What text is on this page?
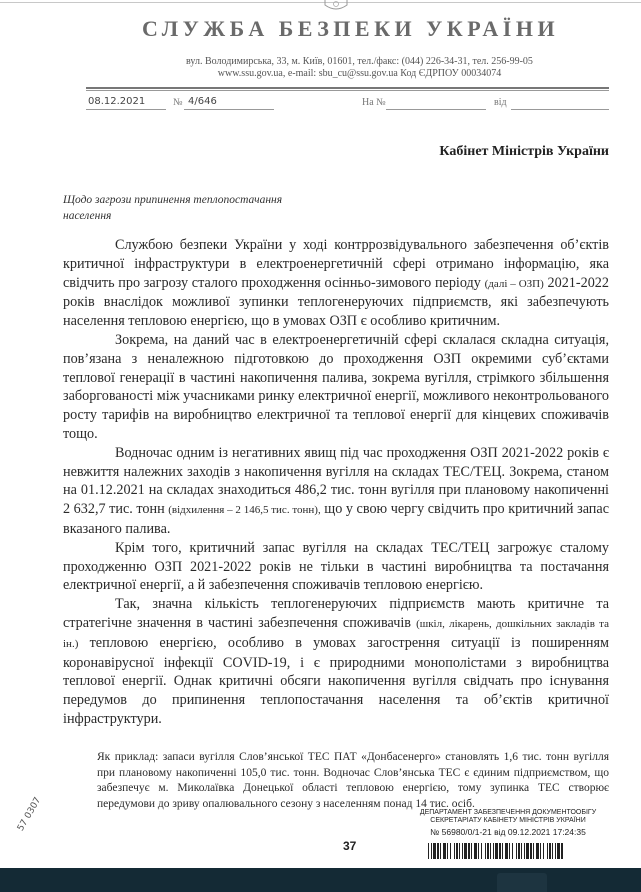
СЛУЖБА БЕЗПЕКИ УКРАЇНИ
вул. Володимирська, 33, м. Київ, 01601, тел./факс: (044) 226-34-31, тел. 256-99-05
www.ssu.gov.ua, e-mail: sbu_cu@ssu.gov.ua Код ЄДРПОУ 00034074
08.12.2021	№ 4/646	На №	від
Кабінет Міністрів України
Щодо загрози припинення теплопостачання
населення

Службою безпеки України у ході контррозвідувального забезпечення об’єктів критичної інфраструктури в електроенергетичній сфері отримано інформацію, яка свідчить про загрозу сталого проходження осінньо-зимового періоду (далі – ОЗП) 2021-2022 років внаслідок можливої зупинки теплогенеруючих підприємств, які забезпечують населення тепловою енергією, що в умовах ОЗП є особливо критичним.

Зокрема, на даний час в електроенергетичній сфері склалася складна ситуація, пов’язана з неналежною підготовкою до проходження ОЗП окремими суб’єктами теплової генерації в частині накопичення палива, зокрема вугілля, стрімкого збільшення заборгованості між учасниками ринку електричної енергії, можливого неконтрольованого росту тарифів на виробництво електричної та теплової енергії для кінцевих споживачів тощо.

Водночас одним із негативних явищ під час проходження ОЗП 2021-2022 років є невжиття належних заходів з накопичення вугілля на складах ТЕС/ТЕЦ. Зокрема, станом на 01.12.2021 на складах знаходиться 486,2 тис. тонн вугілля при плановому накопиченні 2 632,7 тис. тонн (відхилення – 2 146,5 тис. тонн), що у свою чергу свідчить про критичний запас вказаного палива.

Крім того, критичний запас вугілля на складах ТЕС/ТЕЦ загрожує сталому проходженню ОЗП 2021-2022 років не тільки в частині виробництва та постачання електричної енергії, а й забезпечення споживачів тепловою енергією.

Так, значна кількість теплогенеруючих підприємств мають критичне та стратегічне значення в частині забезпечення споживачів (шкіл, лікарень, дошкільних закладів та ін.) тепловою енергією, особливо в умовах загострення ситуації із поширенням коронавірусної інфекції COVID-19, і є природними монополістами з виробництва теплової енергії. Однак критичні обсяги накопичення вугілля свідчать про існування передумов до припинення теплопостачання населення та об’єктів критичної інфраструктури.

Як приклад: запаси вугілля Слов’янської ТЕС ПАТ «Донбасенерго» становлять 1,6 тис. тонн вугілля при плановому накопиченні 105,0 тис. тонн. Водночас Слов’янська ТЕС є єдиним підприємством, що забезпечує м. Миколаївка Донецької області тепловою енергією, тому зупинка ТЕС створює передумови до зриву опалювального сезону з населенням понад 14 тис. осіб.

57 0307
37
ДЕПАРТАМЕНТ ЗАБЕЗПЕЧЕННЯ ДОКУМЕНТООБІГУ
СЕКРЕТАРІАТУ КАБІНЕТУ МІНІСТРІВ УКРАЇНИ
№ 56980/0/1-21 від 09.12.2021 17:24:35
